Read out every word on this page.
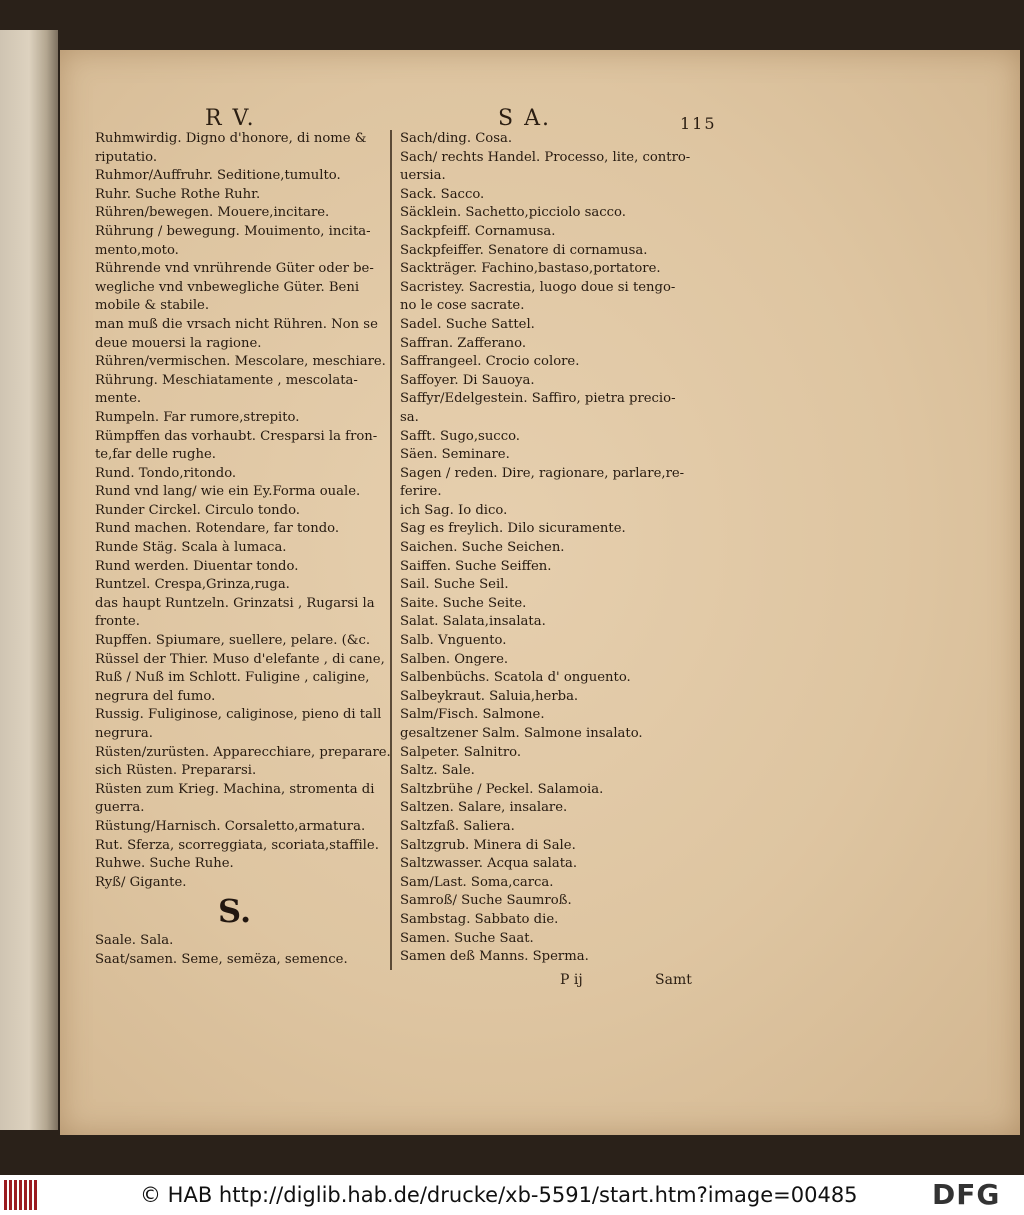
R V.	S A.	115
Ruhmwirdig. Digno d'honore, di nome &
riputatio.
Ruhmor/Auffruhr. Seditione,tumulto.
Ruhr. Suche Rothe Ruhr.
Rühren/bewegen. Mouere,incitare.
Rührung / bewegung. Mouimento, incita-
mento,moto.
Rührende vnd vnrührende Güter oder be-
wegliche vnd vnbewegliche Güter. Beni
mobile & stabile.
man muß die vrsach nicht Rühren. Non se
deue mouersi la ragione.
Rühren/vermischen. Mescolare, meschiare.
Rührung. Meschiatamente , mescolata-
mente.
Rumpeln. Far rumore,strepito.
Rümpffen das vorhaubt. Cresparsi la fron-
te,far delle rughe.
Rund. Tondo,ritondo.
Rund vnd lang/ wie ein Ey.Forma ouale.
Runder Circkel. Circulo tondo.
Rund machen. Rotendare, far tondo.
Runde Stäg. Scala à lumaca.
Rund werden. Diuentar tondo.
Runtzel. Crespa,Grinza,ruga.
das haupt Runtzeln. Grinzatsi , Rugarsi la
fronte.
Rupffen. Spiumare, suellere, pelare. (&c.
Rüssel der Thier. Muso d'elefante , di cane,
Ruß / Nuß im Schlott. Fuligine , caligine,
negrura del fumo.
Russig. Fuliginose, caliginose, pieno di tall
negrura.
Rüsten/zurüsten. Apparecchiare, preparare.
sich Rüsten. Prepararsi.
Rüsten zum Krieg. Machina, stromenta di
guerra.
Rüstung/Harnisch. Corsaletto,armatura.
Rut. Sferza, scorreggiata, scoriata,staffile.
Ruhwe. Suche Ruhe.
Ryß/ Gigante.
S.
Saale. Sala.
Saat/samen. Seme, semëza, semence.
Sach/ding. Cosa.
Sach/ rechts Handel. Processo, lite, contro-
uersia.
Sack. Sacco.
Säcklein. Sachetto,picciolo sacco.
Sackpfeiff. Cornamusa.
Sackpfeiffer. Senatore di cornamusa.
Sackträger. Fachino,bastaso,portatore.
Sacristey. Sacrestia, luogo doue si tengo-
no le cose sacrate.
Sadel. Suche Sattel.
Saffran. Zafferano.
Saffrangeel. Crocio colore.
Saffoyer. Di Sauoya.
Saffyr/Edelgestein. Saffiro, pietra precio-
sa.
Safft. Sugo,succo.
Säen. Seminare.
Sagen / reden. Dire, ragionare, parlare,re-
ferire.
ich Sag. Io dico.
Sag es freylich. Dilo sicuramente.
Saichen. Suche Seichen.
Saiffen. Suche Seiffen.
Sail. Suche Seil.
Saite. Suche Seite.
Salat. Salata,insalata.
Salb. Vnguento.
Salben. Ongere.
Salbenbüchs. Scatola d' onguento.
Salbeykraut. Saluia,herba.
Salm/Fisch. Salmone.
gesaltzener Salm. Salmone insalato.
Salpeter. Salnitro.
Saltz. Sale.
Saltzbrühe / Peckel. Salamoia.
Saltzen. Salare, insalare.
Saltzfaß. Saliera.
Saltzgrub. Minera di Sale.
Saltzwasser. Acqua salata.
Sam/Last. Soma,carca.
Samroß/ Suche Saumroß.
Sambstag. Sabbato die.
Samen. Suche Saat.
Samen deß Manns. Sperma.
P ij	Samt
© HAB http://diglib.hab.de/drucke/xb-5591/start.htm?image=00485	DFG
